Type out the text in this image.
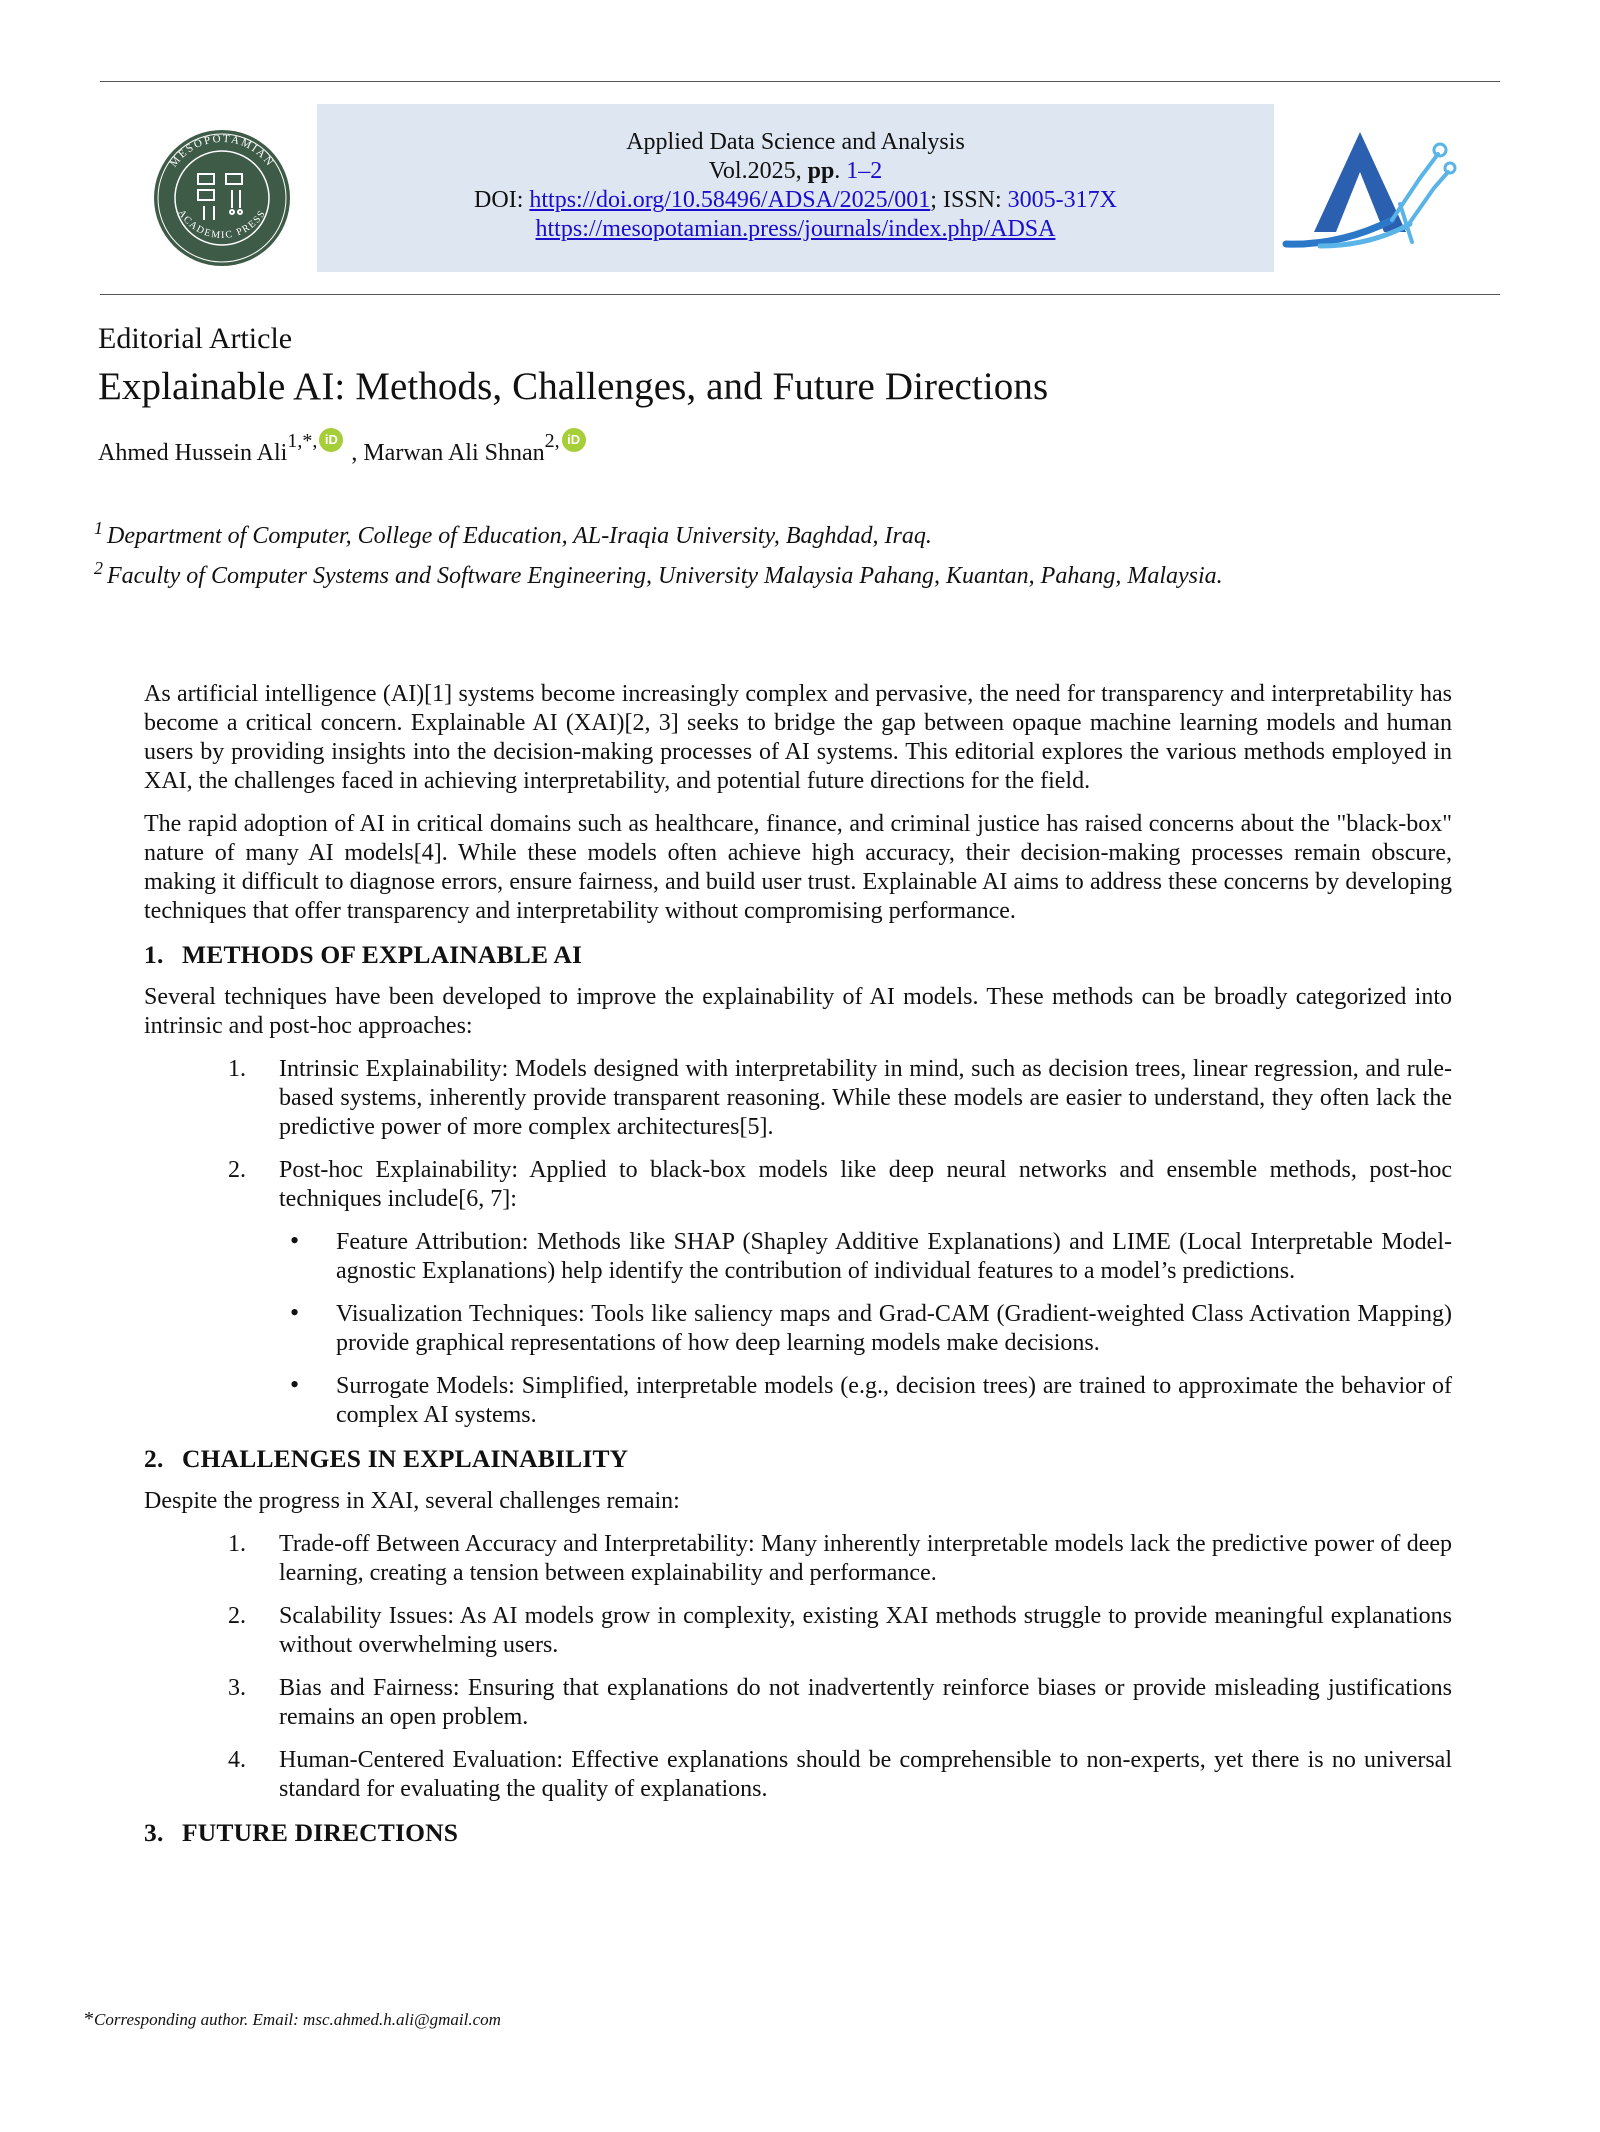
MESOPOTAMIAN
ACADEMIC PRESS
Applied Data Science and Analysis
Vol.2025, pp. 1–2
DOI: https://doi.org/10.58496/ADSA/2025/001; ISSN: 3005-317X
https://mesopotamian.press/journals/index.php/ADSA
Editorial Article
Explainable AI: Methods, Challenges, and Future Directions
Ahmed Hussein Ali$^{1,*,}$ iD
, Marwan Ali Shnan$^{2,}$ iD
$^1$ Department of Computer, College of Education, AL-Iraqia University, Baghdad, Iraq.
$^2$ Faculty of Computer Systems and Software Engineering, University Malaysia Pahang, Kuantan, Pahang, Malaysia.

As artificial intelligence (AI)[1] systems become increasingly complex and pervasive, the need for transparency and interpretability has become a critical concern. Explainable AI (XAI)[2, 3] seeks to bridge the gap between opaque machine learning models and human users by providing insights into the decision-making processes of AI systems. This editorial explores the various methods employed in XAI, the challenges faced in achieving interpretability, and potential future directions for the field.

The rapid adoption of AI in critical domains such as healthcare, finance, and criminal justice has raised concerns about the "black-box" nature of many AI models[4]. While these models often achieve high accuracy, their decision-making processes remain obscure, making it difficult to diagnose errors, ensure fairness, and build user trust. Explainable AI aims to address these concerns by developing techniques that offer transparency and interpretability without compromising performance.

1. METHODS OF EXPLAINABLE AI

Several techniques have been developed to improve the explainability of AI models. These methods can be broadly categorized into intrinsic and post-hoc approaches:

1. Intrinsic Explainability: Models designed with interpretability in mind, such as decision trees, linear regression, and rule-based systems, inherently provide transparent reasoning. While these models are easier to understand, they often lack the predictive power of more complex architectures[5].
2. Post-hoc Explainability: Applied to black-box models like deep neural networks and ensemble methods, post-hoc techniques include[6, 7]:
• Feature Attribution: Methods like SHAP (Shapley Additive Explanations) and LIME (Local Interpretable Model-agnostic Explanations) help identify the contribution of individual features to a model’s predictions.
• Visualization Techniques: Tools like saliency maps and Grad-CAM (Gradient-weighted Class Activation Mapping) provide graphical representations of how deep learning models make decisions.
• Surrogate Models: Simplified, interpretable models (e.g., decision trees) are trained to approximate the behavior of complex AI systems.
2. CHALLENGES IN EXPLAINABILITY

Despite the progress in XAI, several challenges remain:

1. Trade-off Between Accuracy and Interpretability: Many inherently interpretable models lack the predictive power of deep learning, creating a tension between explainability and performance.
2. Scalability Issues: As AI models grow in complexity, existing XAI methods struggle to provide meaningful explanations without overwhelming users.
3. Bias and Fairness: Ensuring that explanations do not inadvertently reinforce biases or provide misleading justifications remains an open problem.
4. Human-Centered Evaluation: Effective explanations should be comprehensible to non-experts, yet there is no universal standard for evaluating the quality of explanations.
3. FUTURE DIRECTIONS
*Corresponding author. Email: msc.ahmed.h.ali@gmail.com
